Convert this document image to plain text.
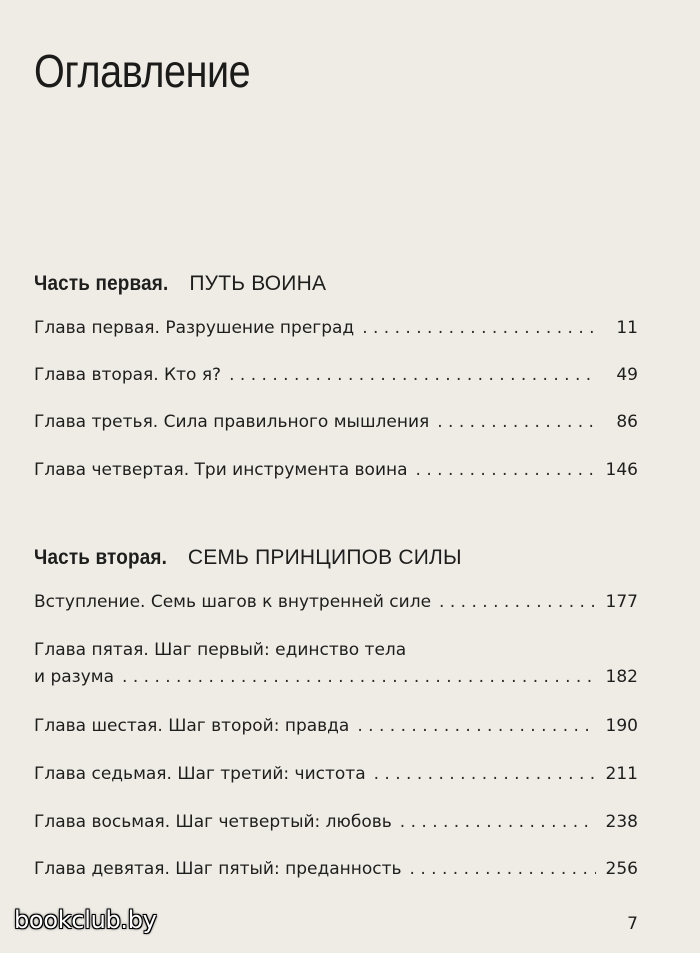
Оглавление
Часть первая. ПУТЬ ВОИНА
Глава первая. Разрушение преград . . .	11
Глава вторая. Кто я? . . .	49
Глава третья. Сила правильного мышления . . .	86
Глава четвертая. Три инструмента воина . . .	146
Часть вторая. СЕМЬ ПРИНЦИПОВ СИЛЫ
Вступление. Семь шагов к внутренней силе . . .	177
Глава пятая. Шаг первый: единство тела
и разума . . .	182
Глава шестая. Шаг второй: правда . . .	190
Глава седьмая. Шаг третий: чистота . . .	211
Глава восьмая. Шаг четвертый: любовь . . .	238
Глава девятая. Шаг пятый: преданность . . .	256
bookclub.by	7
